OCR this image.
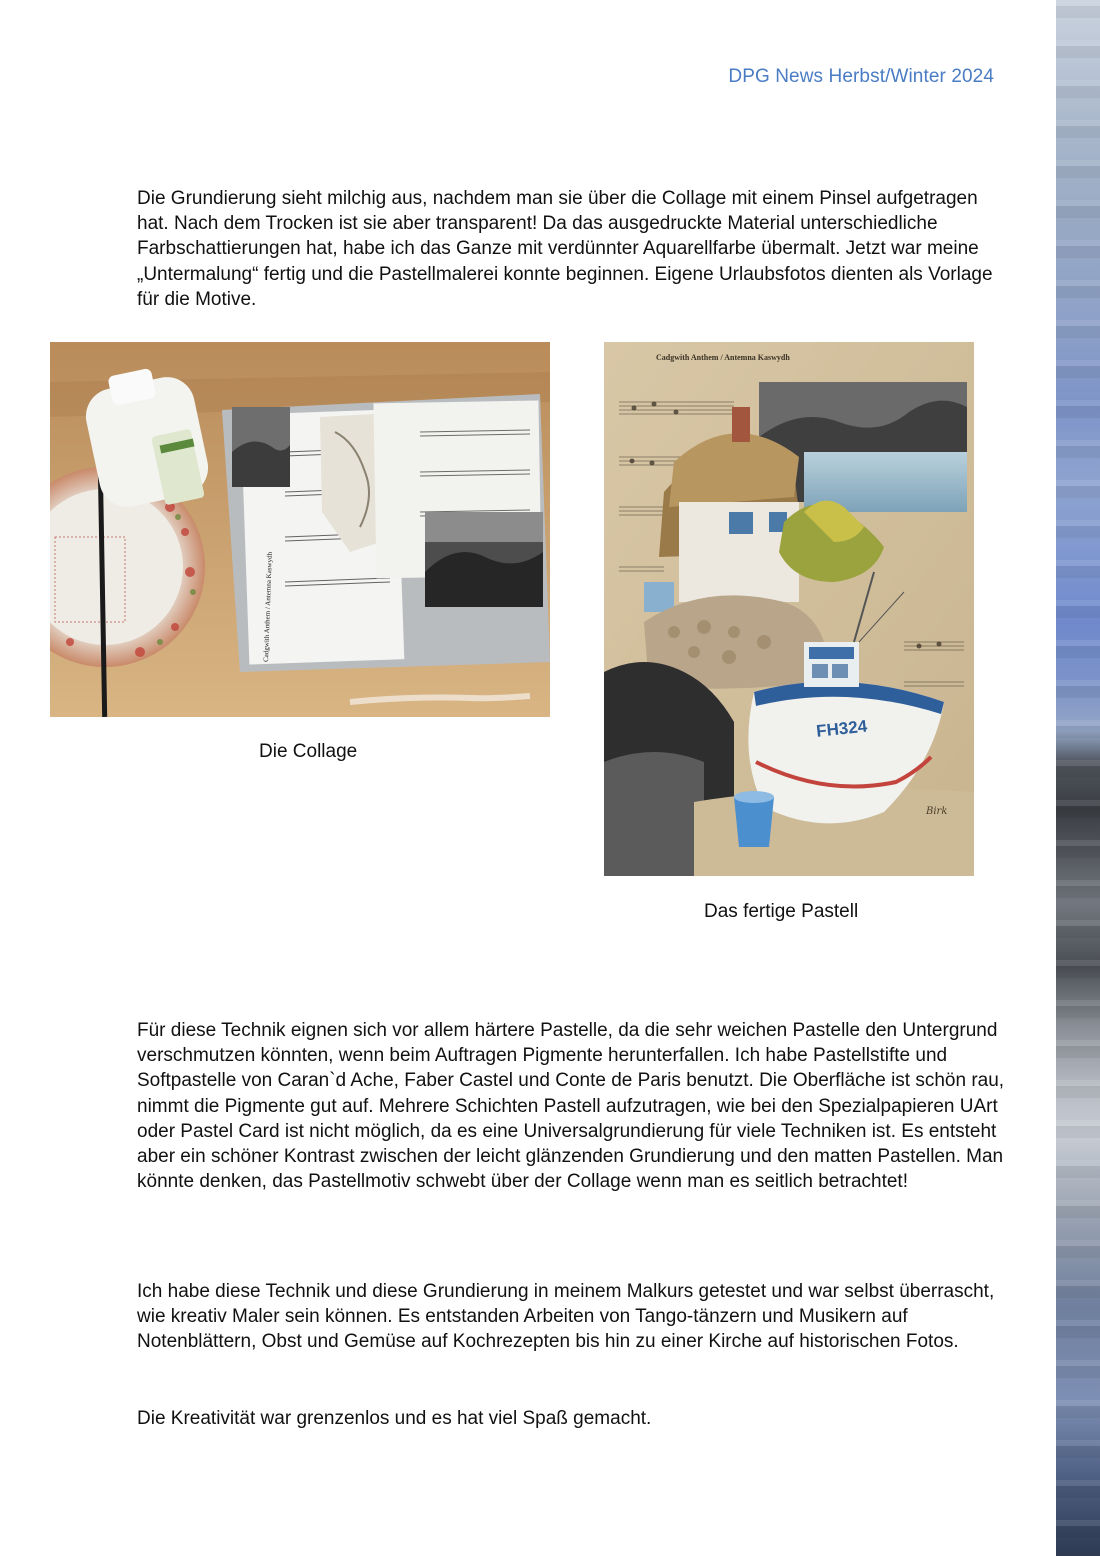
DPG News Herbst/Winter 2024

Die Grundierung sieht milchig aus, nachdem man sie über die Collage mit einem Pinsel aufgetragen hat. Nach dem Trocken ist sie aber transparent! Da das ausgedruckte Material unterschiedliche Farbschattierungen hat, habe ich das Ganze mit verdünnter Aquarellfarbe übermalt. Jetzt war meine „Untermalung“ fertig und die Pastellmalerei konnte beginnen. Eigene Urlaubsfotos dienten als Vorlage für die Motive.

Cadgwith Anthem / Antemna Kaswydh
Cadgwith Anthem / Antemna Kaswydh
FH324
Birk
Die Collage
Das fertige Pastell

Für diese Technik eignen sich vor allem härtere Pastelle, da die sehr weichen Pastelle den Untergrund verschmutzen könnten, wenn beim Auftragen Pigmente herunterfallen. Ich habe Pastellstifte und Softpastelle von Caran`d Ache, Faber Castel und Conte de Paris benutzt. Die Oberfläche ist schön rau, nimmt die Pigmente gut auf. Mehrere Schichten Pastell aufzutragen, wie bei den Spezialpapieren UArt oder Pastel Card ist nicht möglich, da es eine Universalgrundierung für viele Techniken ist. Es entsteht aber ein schöner Kontrast zwischen der leicht glänzenden Grundierung und den matten Pastellen. Man könnte denken, das Pastellmotiv schwebt über der Collage wenn man es seitlich betrachtet!

Ich habe diese Technik und diese Grundierung in meinem Malkurs getestet und war selbst überrascht, wie kreativ Maler sein können. Es entstanden Arbeiten von Tango-tänzern und Musikern auf Notenblättern, Obst und Gemüse auf Kochrezepten bis hin zu einer Kirche auf historischen Fotos.

Die Kreativität war grenzenlos und es hat viel Spaß gemacht.
